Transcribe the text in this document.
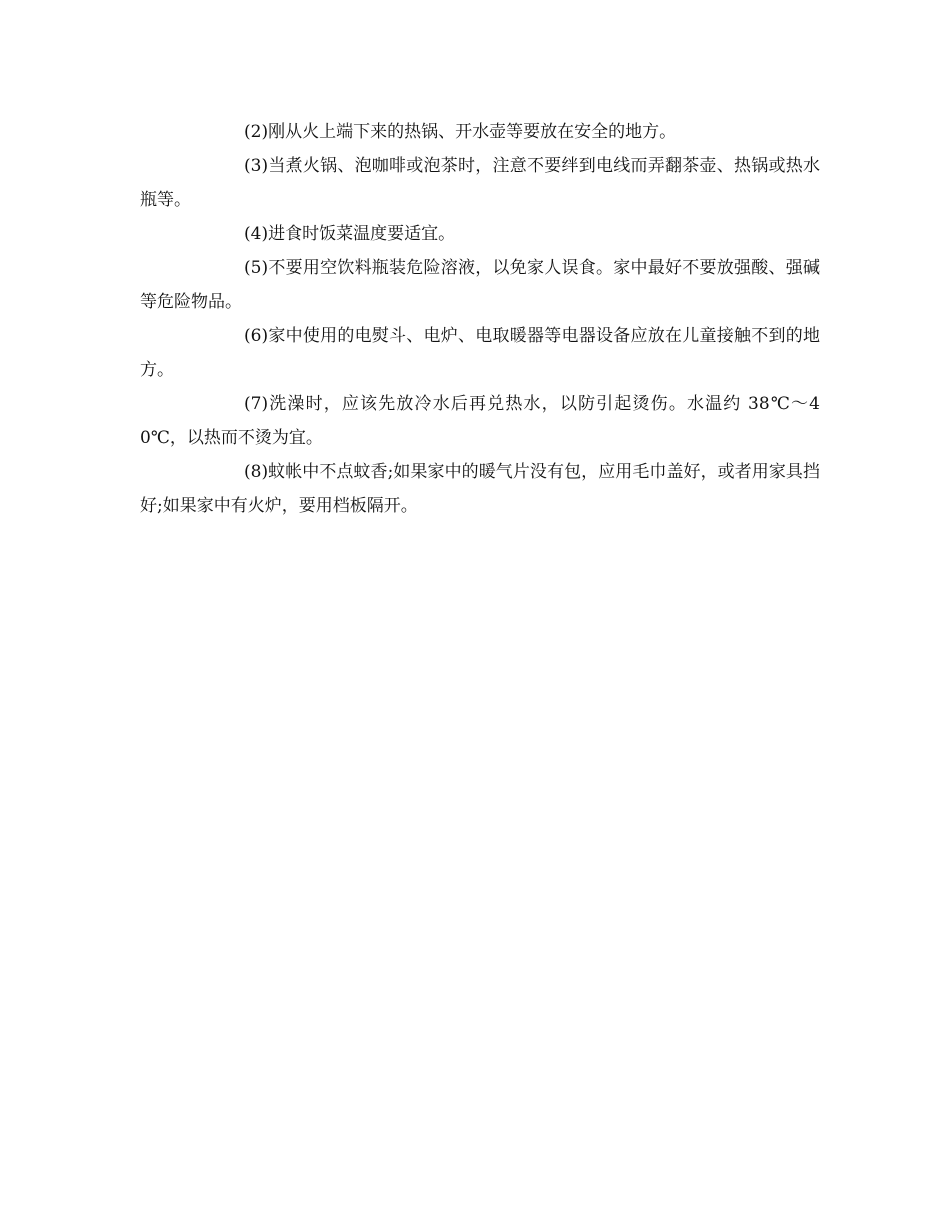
(2)刚从火上端下来的热锅、开水壶等要放在安全的地方。

(3)当煮火锅、泡咖啡或泡茶时，注意不要绊到电线而弄翻茶壶、热锅或热水瓶等。

(4)进食时饭菜温度要适宜。

(5)不要用空饮料瓶装危险溶液，以免家人误食。家中最好不要放强酸、强碱等危险物品。

(6)家中使用的电熨斗、电炉、电取暖器等电器设备应放在儿童接触不到的地方。

(7)洗澡时，应该先放冷水后再兑热水，以防引起烫伤。水温约 38℃～40℃，以热而不烫为宜。

(8)蚊帐中不点蚊香;如果家中的暖气片没有包，应用毛巾盖好，或者用家具挡好;如果家中有火炉，要用档板隔开。
